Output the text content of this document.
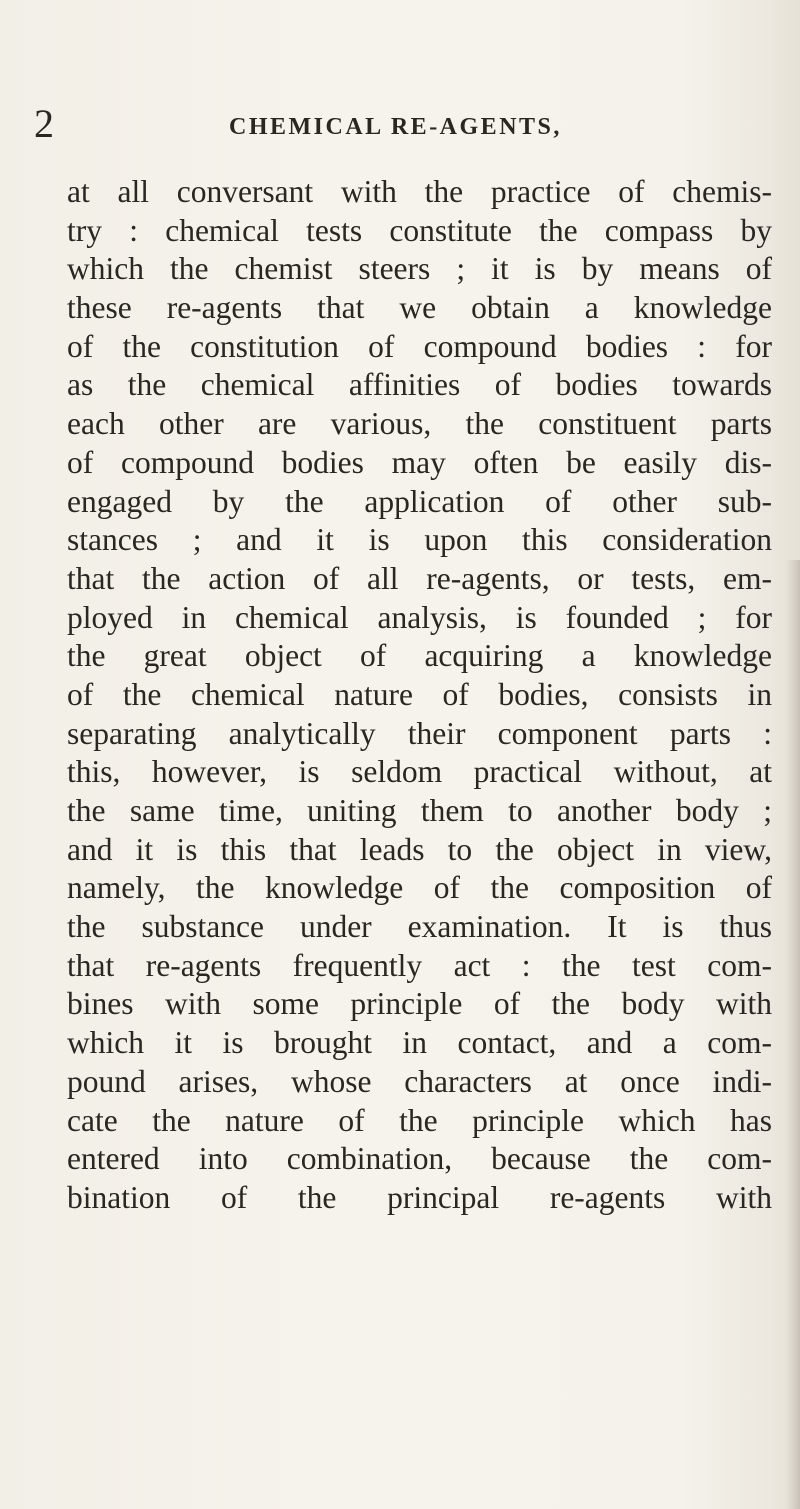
2	CHEMICAL RE-AGENTS,
at all conversant with the practice of chemis-
try : chemical tests constitute the compass by
which the chemist steers ; it is by means of
these re-agents that we obtain a knowledge
of the constitution of compound bodies : for
as the chemical affinities of bodies towards
each other are various, the constituent parts
of compound bodies may often be easily dis-
engaged by the application of other sub-
stances ; and it is upon this consideration
that the action of all re-agents, or tests, em-
ployed in chemical analysis, is founded ; for
the great object of acquiring a knowledge
of the chemical nature of bodies, consists in
separating analytically their component parts :
this, however, is seldom practical without, at
the same time, uniting them to another body ;
and it is this that leads to the object in view,
namely, the knowledge of the composition of
the substance under examination. It is thus
that re-agents frequently act : the test com-
bines with some principle of the body with
which it is brought in contact, and a com-
pound arises, whose characters at once indi-
cate the nature of the principle which has
entered into combination, because the com-
bination of the principal re-agents with
